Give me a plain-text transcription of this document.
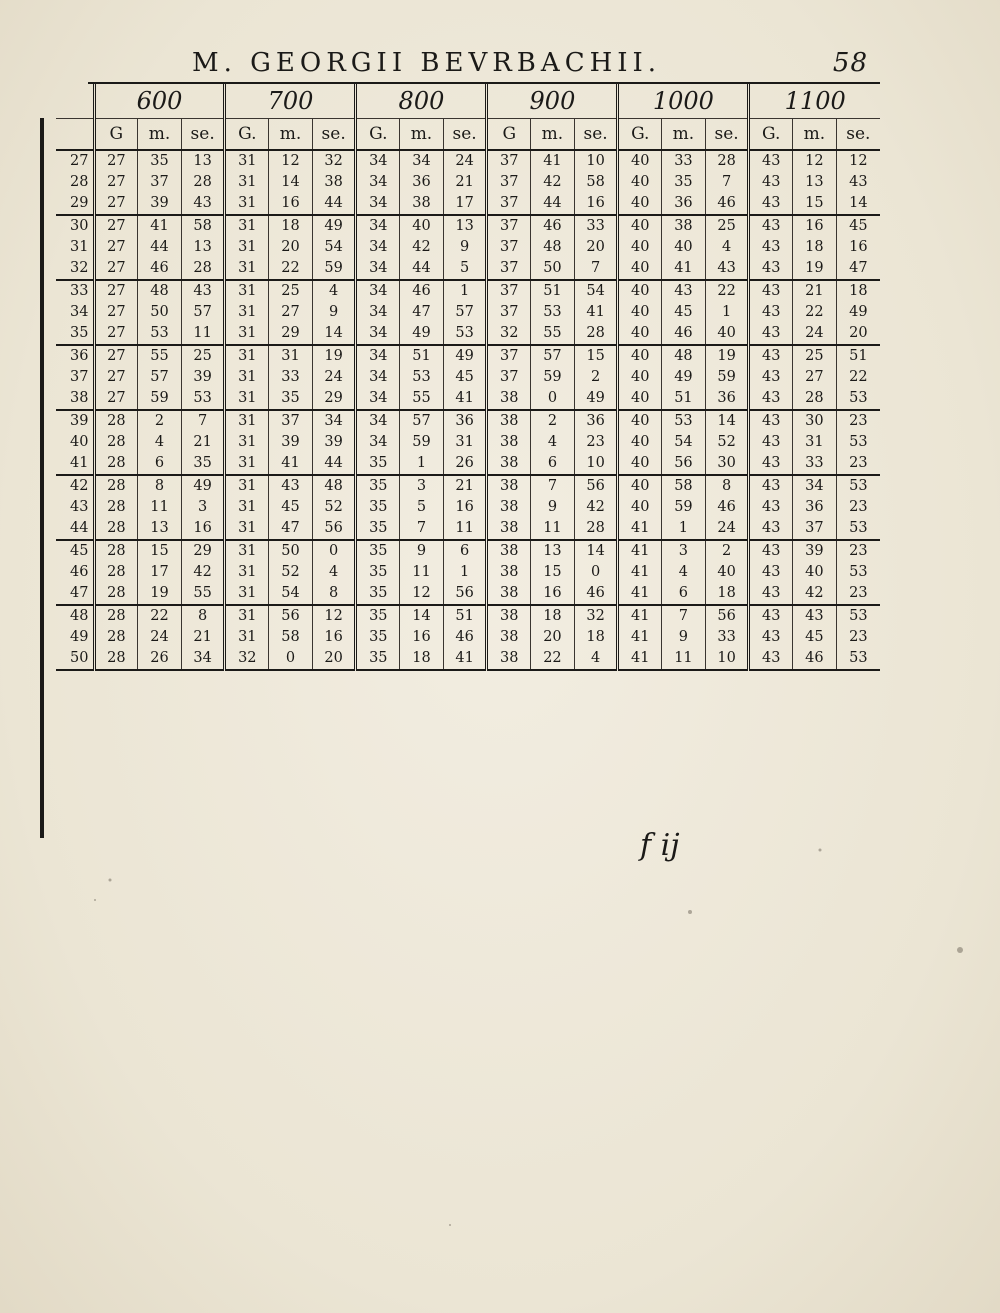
M. GEORGII BEVRBACHII.	58
	600			700			800			900			1000			1100		
	G	m.	se.	G.	m.	se.	G.	m.	se.	G	m.	se.	G.	m.	se.	G.	m.	se.
27	27	35	13	31	12	32	34	34	24	37	41	10	40	33	28	43	12	12
28	27	37	28	31	14	38	34	36	21	37	42	58	40	35	7	43	13	43
29	27	39	43	31	16	44	34	38	17	37	44	16	40	36	46	43	15	14
30	27	41	58	31	18	49	34	40	13	37	46	33	40	38	25	43	16	45
31	27	44	13	31	20	54	34	42	9	37	48	20	40	40	4	43	18	16
32	27	46	28	31	22	59	34	44	5	37	50	7	40	41	43	43	19	47
33	27	48	43	31	25	4	34	46	1	37	51	54	40	43	22	43	21	18
34	27	50	57	31	27	9	34	47	57	37	53	41	40	45	1	43	22	49
35	27	53	11	31	29	14	34	49	53	32	55	28	40	46	40	43	24	20
36	27	55	25	31	31	19	34	51	49	37	57	15	40	48	19	43	25	51
37	27	57	39	31	33	24	34	53	45	37	59	2	40	49	59	43	27	22
38	27	59	53	31	35	29	34	55	41	38	0	49	40	51	36	43	28	53
39	28	2	7	31	37	34	34	57	36	38	2	36	40	53	14	43	30	23
40	28	4	21	31	39	39	34	59	31	38	4	23	40	54	52	43	31	53
41	28	6	35	31	41	44	35	1	26	38	6	10	40	56	30	43	33	23
42	28	8	49	31	43	48	35	3	21	38	7	56	40	58	8	43	34	53
43	28	11	3	31	45	52	35	5	16	38	9	42	40	59	46	43	36	23
44	28	13	16	31	47	56	35	7	11	38	11	28	41	1	24	43	37	53
45	28	15	29	31	50	0	35	9	6	38	13	14	41	3	2	43	39	23
46	28	17	42	31	52	4	35	11	1	38	15	0	41	4	40	43	40	53
47	28	19	55	31	54	8	35	12	56	38	16	46	41	6	18	43	42	23
48	28	22	8	31	56	12	35	14	51	38	18	32	41	7	56	43	43	53
49	28	24	21	31	58	16	35	16	46	38	20	18	41	9	33	43	45	23
50	28	26	34	32	0	20	35	18	41	38	22	4	41	11	10	43	46	53
f ij
